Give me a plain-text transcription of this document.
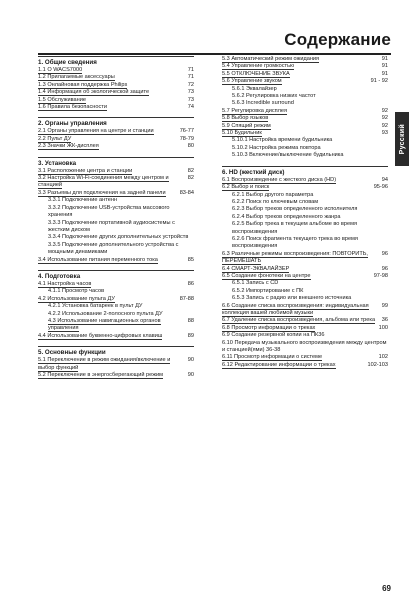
Содержание
1. Общие сведения
71
1.1 О WACS7000
71
1.2 Прилагаемые аксессуары
72
1.3 Онлайновая поддержка Philips
73
1.4 Информация об экологической защите
73
1.5 Обслуживание
74
1.6 Правила безопасности
2. Органы управления
76-77
2.1 Органы управления на центре и станции
78-79
2.2 Пульт ДУ
80
2.3 Значки ЖК-дисплея
3. Установка
82
3.1 Расположение центра и станции
82
3.2 Настройка Wi-Fi-соединения между центром и станцией
83-84
3.3 Разъемы для подключения на задней панели
3.3.1 Подключение антенн
3.3.2 Подключение USB-устройства массового хранения
3.3.3 Подключение портативной аудиосистемы с жестким диском
3.3.4 Подключение других дополнительных устройств
3.3.5 Подключение дополнительного устройства с мощными динамиками
85
3.4 Использование питания переменного тока
4. Подготовка
86
4.1 Настройка часов
4.1.1 Просмотр часов
87-88
4.2 Использование пульта ДУ
4.2.1 Установка батареек в пульт ДУ
4.2.2 Использование 2-полосного пульта ДУ
88
4.3 Использование навигационных органов управления
89
4.4 Использование буквенно-цифровых клавиш
5. Основные функции
90
5.1 Переключение в режим ожидания/включение и выбор функций
90
5.2 Переключение в энергосберегающий режим
91
5.3 Автоматический режим ожидания
91
5.4 Управление громкостью
91
5.5 ОТКЛЮЧЕНИЕ ЗВУКА
91 - 92
5.6 Управление звуком
5.6.1 Эквалайзер
5.6.2 Регулировка низких частот
5.6.3 Incredible surround
92
5.7 Регулировка дисплея
92
5.8 Выбор языков
92
5.9 Спящий режим
93
5.10 Будильник
5.10.1 Настройка времени будильника
5.10.2 Настройка режима повтора
5.10.3 Включение/выключение будильника
6. HD (жесткий диск)
94
6.1 Воспроизведение с жесткого диска (HD)
95-96
6.2 Выбор и поиск
6.2.1 Выбор другого параметра
6.2.2 Поиск по ключевым словам
6.2.3 Выбор треков определенного исполнителя
6.2.4 Выбор треков определенного жанра
6.2.5 Выбор трека в текущем альбоме во время воспроизведения
6.2.6 Поиск фрагмента текущего трека во время воспроизведения
96
6.3 Различные режимы воспроизведения: ПОВТОРИТЬ, ПЕРЕМЕШАТЬ
96
6.4 СМАРТ-ЭКВАЛАЙЗЕР
97-98
6.5 Создание фонотеки на центре
6.5.1 Запись с CD
6.5.2 Импортирование с ПК
6.5.3 Запись с радио или внешнего источника
99
6.6 Создание списка воспроизведения: индивидуальная коллекция вашей любимой музыки
36
6.7 Удаление списка воспроизведения, альбома или трека
100
6.8 Просмотр информации о треках
6.9 Создание резервной копии на ПК36
6.10 Передача музыкального воспроизведения между центром и станцией(ями) 36-38
102
6.11 Просмотр информации о системе
102-103
6.12 Редактирование информации о треках
Русский
69
